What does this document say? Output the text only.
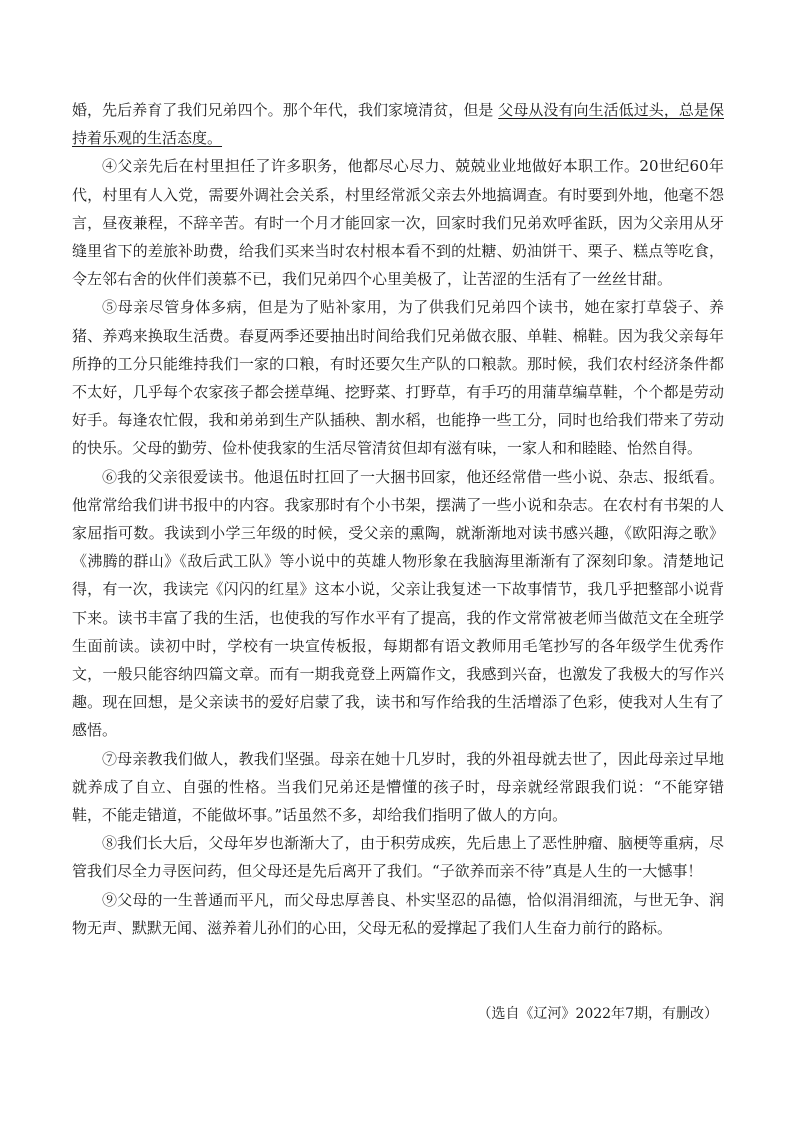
婚，先后养育了我们兄弟四个。那个年代，我们家境清贫，但是 父母从没有向生活低过头，总是保持着乐观的生活态度。

④父亲先后在村里担任了许多职务，他都尽心尽力、兢兢业业地做好本职工作。20世纪60年代，村里有人入党，需要外调社会关系，村里经常派父亲去外地搞调查。有时要到外地，他毫不怨言，昼夜兼程，不辞辛苦。有时一个月才能回家一次，回家时我们兄弟欢呼雀跃，因为父亲用从牙缝里省下的差旅补助费，给我们买来当时农村根本看不到的灶糖、奶油饼干、栗子、糕点等吃食，令左邻右舍的伙伴们羡慕不已，我们兄弟四个心里美极了，让苦涩的生活有了一丝丝甘甜。

⑤母亲尽管身体多病，但是为了贴补家用，为了供我们兄弟四个读书，她在家打草袋子、养猪、养鸡来换取生活费。春夏两季还要抽出时间给我们兄弟做衣服、单鞋、棉鞋。因为我父亲每年所挣的工分只能维持我们一家的口粮，有时还要欠生产队的口粮款。那时候，我们农村经济条件都不太好，几乎每个农家孩子都会搓草绳、挖野菜、打野草，有手巧的用蒲草编草鞋，个个都是劳动好手。每逢农忙假，我和弟弟到生产队插秧、割水稻，也能挣一些工分，同时也给我们带来了劳动的快乐。父母的勤劳、俭朴使我家的生活尽管清贫但却有滋有味，一家人和和睦睦、怡然自得。

⑥我的父亲很爱读书。他退伍时扛回了一大捆书回家，他还经常借一些小说、杂志、报纸看。他常常给我们讲书报中的内容。我家那时有个小书架，摆满了一些小说和杂志。在农村有书架的人家屈指可数。我读到小学三年级的时候，受父亲的熏陶，就渐渐地对读书感兴趣，《欧阳海之歌》《沸腾的群山》《敌后武工队》等小说中的英雄人物形象在我脑海里渐渐有了深刻印象。清楚地记得，有一次，我读完《闪闪的红星》这本小说，父亲让我复述一下故事情节，我几乎把整部小说背下来。读书丰富了我的生活，也使我的写作水平有了提高，我的作文常常被老师当做范文在全班学生面前读。读初中时，学校有一块宣传板报，每期都有语文教师用毛笔抄写的各年级学生优秀作文，一般只能容纳四篇文章。而有一期我竟登上两篇作文，我感到兴奋，也激发了我极大的写作兴趣。现在回想，是父亲读书的爱好启蒙了我，读书和写作给我的生活增添了色彩，使我对人生有了感悟。

⑦母亲教我们做人，教我们坚强。母亲在她十几岁时，我的外祖母就去世了，因此母亲过早地就养成了自立、自强的性格。当我们兄弟还是懵懂的孩子时，母亲就经常跟我们说：“不能穿错鞋，不能走错道，不能做坏事。”话虽然不多，却给我们指明了做人的方向。

⑧我们长大后，父母年岁也渐渐大了，由于积劳成疾，先后患上了恶性肿瘤、脑梗等重病，尽管我们尽全力寻医问药，但父母还是先后离开了我们。“子欲养而亲不待”真是人生的一大憾事！

⑨父母的一生普通而平凡，而父母忠厚善良、朴实坚忍的品德，恰似涓涓细流，与世无争、润物无声、默默无闻、滋养着儿孙们的心田，父母无私的爱撑起了我们人生奋力前行的路标。

（选自《辽河》2022年7期，有删改）
